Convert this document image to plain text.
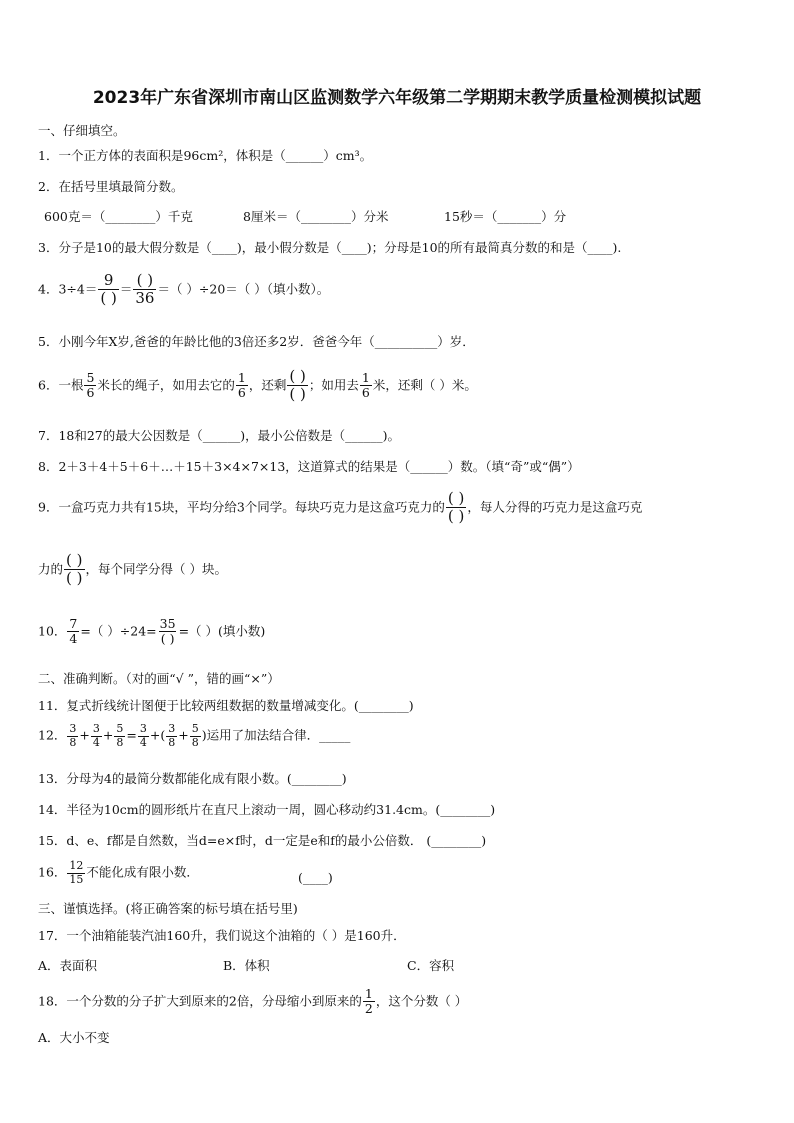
2023年广东省深圳市南山区监测数学六年级第二学期期末教学质量检测模拟试题
一、仔细填空。
1．一个正方体的表面积是96cm²，体积是（______）cm³。
2．在括号里填最简分数。
600克＝（________）千克	8厘米＝（________）分米	15秒＝（_______）分
3．分子是10的最大假分数是（____)，最小假分数是（____)；分母是10的所有最简真分数的和是（____).
4．$3\div 4= \frac{9}{( )} = \frac{( )}{36}$ ＝（ ）÷20＝（ ）（填小数）。
5．小刚今年X岁,爸爸的年龄比他的3倍还多2岁．爸爸今年（__________）岁．
6．一根 $\frac{5}{6}$ 米长的绳子，如用去它的 $\frac{1}{6}$ ，还剩 $\frac{( )}{( )}$ ；如用去 $\frac{1}{6}$ 米，还剩（ ）米。
7．18和27的最大公因数是（______)，最小公倍数是（______)。
8．2＋3＋4＋5＋6＋…＋15＋3×4×7×13，这道算式的结果是（______）数。（填“奇”或“偶”）
9．一盒巧克力共有15块，平均分给3个同学。每块巧克力是这盒巧克力的 $\frac{( )}{( )}$ ，每人分得的巧克力是这盒巧克
力的 $\frac{( )}{( )}$ ，每个同学分得（ ）块。
10． $\frac{7}{4}$ =（ ）$\div 24= \frac{35}{( )}$ =（ ）(填小数)
二、准确判断。（对的画“√ ”，错的画“×”）
11．复式折线统计图便于比较两组数据的数量增减变化。(________)
12． $\frac{3}{8} + \frac{3}{4} + \frac{5}{8} = \frac{3}{4}$ +( $\frac{3}{8} + \frac{5}{8}$ )运用了加法结合律．_____
13．分母为4的最简分数都能化成有限小数。(________)
14．半径为10cm的圆形纸片在直尺上滚动一周，圆心移动约31.4cm。(________)
15．d、e、f都是自然数，当d=e×f时，d一定是e和f的最小公倍数． (________)
16． $\frac{12}{15}$ 不能化成有限小数．	(____)
三、谨慎选择。(将正确答案的标号填在括号里)
17．一个油箱能装汽油160升，我们说这个油箱的（ ）是160升．
A．表面积	B．体积	C．容积
18．一个分数的分子扩大到原来的2倍，分母缩小到原来的 $\frac{1}{2}$ ，这个分数（ ）
A．大小不变
